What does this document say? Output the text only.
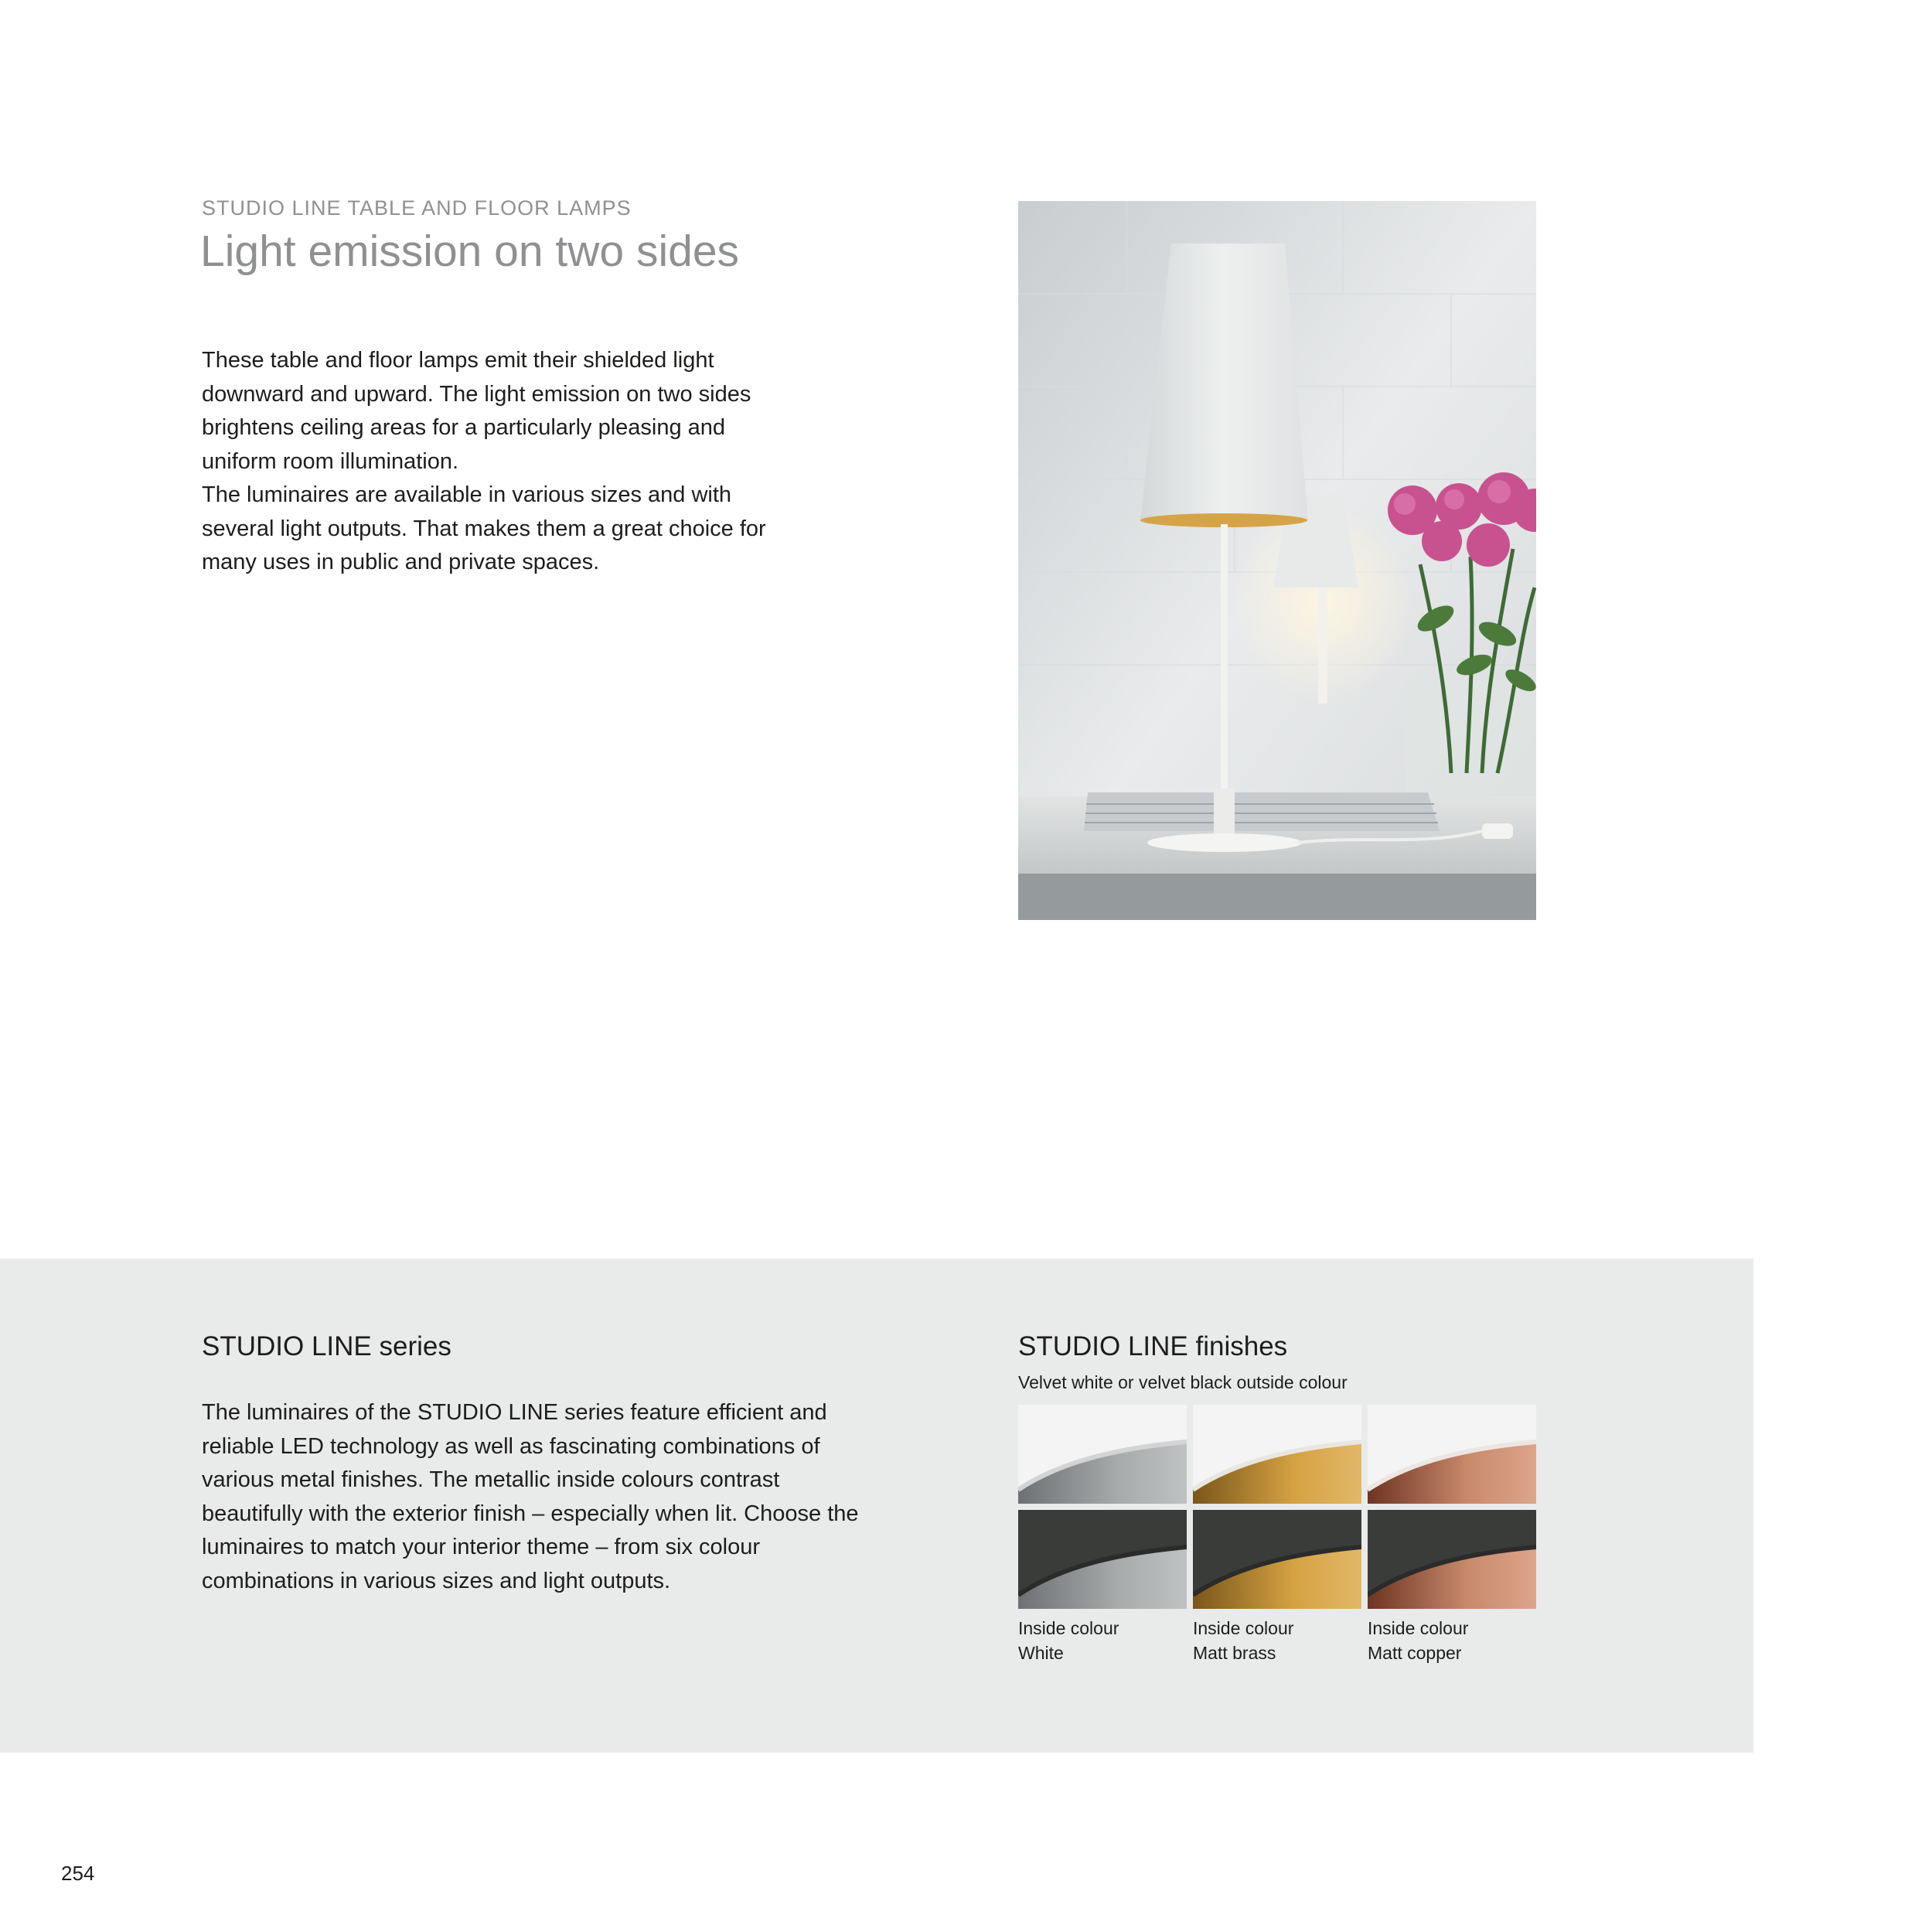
STUDIO LINE TABLE AND FLOOR LAMPS
Light emission on two sides

These table and floor lamps emit their shielded light downward and upward. The light emission on two sides brightens ceiling areas for a particularly pleasing and uniform room illumination.

The luminaires are available in various sizes and with several light outputs. That makes them a great choice for many uses in public and private spaces.

STUDIO LINE series
The luminaires of the STUDIO LINE series feature efficient and reliable LED technology as well as fascinating combinations of various metal finishes. The metallic inside colours contrast beautifully with the exterior finish – especially when lit. Choose the luminaires to match your interior theme – from six colour combinations in various sizes and light outputs.
STUDIO LINE finishes
Velvet white or velvet black outside colour
Inside colour
White
Inside colour
Matt brass
Inside colour
Matt copper
254
